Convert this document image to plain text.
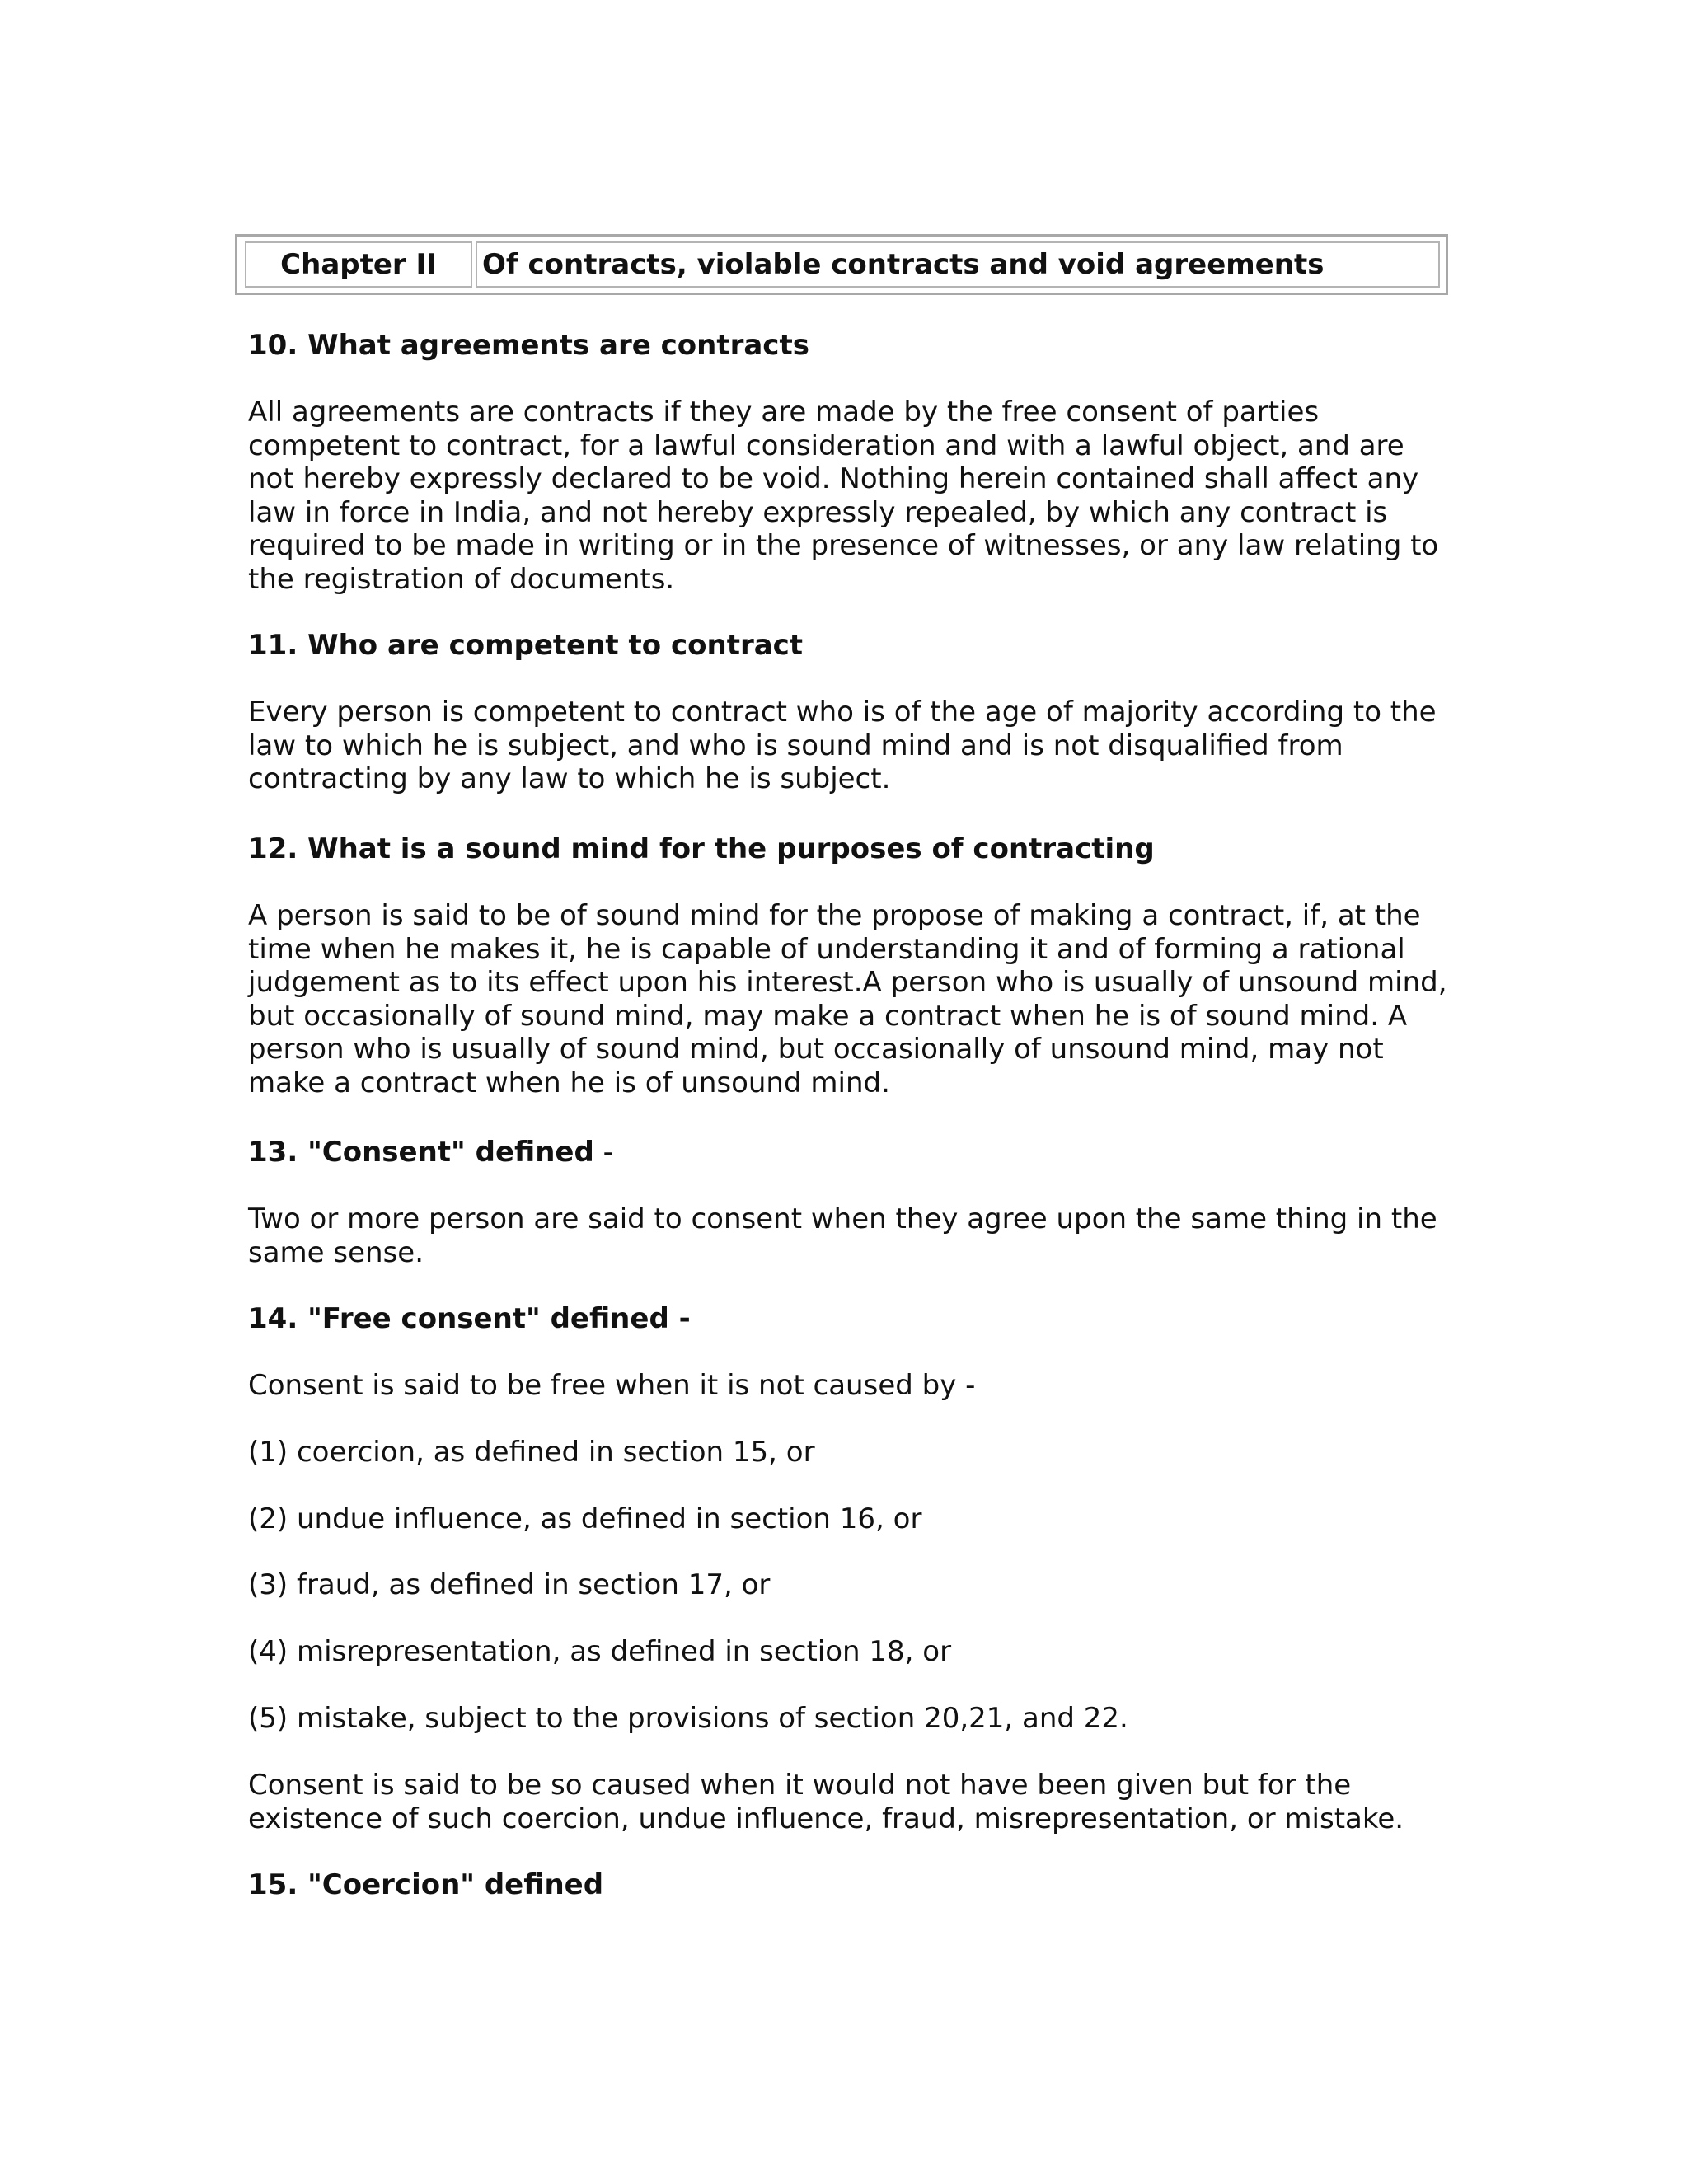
Chapter II	Of contracts, violable contracts and void agreements

10. What agreements are contracts

All agreements are contracts if they are made by the free consent of parties
competent to contract, for a lawful consideration and with a lawful object, and are
not hereby expressly declared to be void. Nothing herein contained shall affect any
law in force in India, and not hereby expressly repealed, by which any contract is
required to be made in writing or in the presence of witnesses, or any law relating to
the registration of documents.

11. Who are competent to contract

Every person is competent to contract who is of the age of majority according to the
law to which he is subject, and who is sound mind and is not disqualified from
contracting by any law to which he is subject.

12. What is a sound mind for the purposes of contracting

A person is said to be of sound mind for the propose of making a contract, if, at the
time when he makes it, he is capable of understanding it and of forming a rational
judgement as to its effect upon his interest.A person who is usually of unsound mind,
but occasionally of sound mind, may make a contract when he is of sound mind. A
person who is usually of sound mind, but occasionally of unsound mind, may not
make a contract when he is of unsound mind.

13. "Consent" defined -

Two or more person are said to consent when they agree upon the same thing in the
same sense.

14. "Free consent" defined -

Consent is said to be free when it is not caused by -

(1) coercion, as defined in section 15, or

(2) undue influence, as defined in section 16, or

(3) fraud, as defined in section 17, or

(4) misrepresentation, as defined in section 18, or

(5) mistake, subject to the provisions of section 20,21, and 22.

Consent is said to be so caused when it would not have been given but for the
existence of such coercion, undue influence, fraud, misrepresentation, or mistake.

15. "Coercion" defined
